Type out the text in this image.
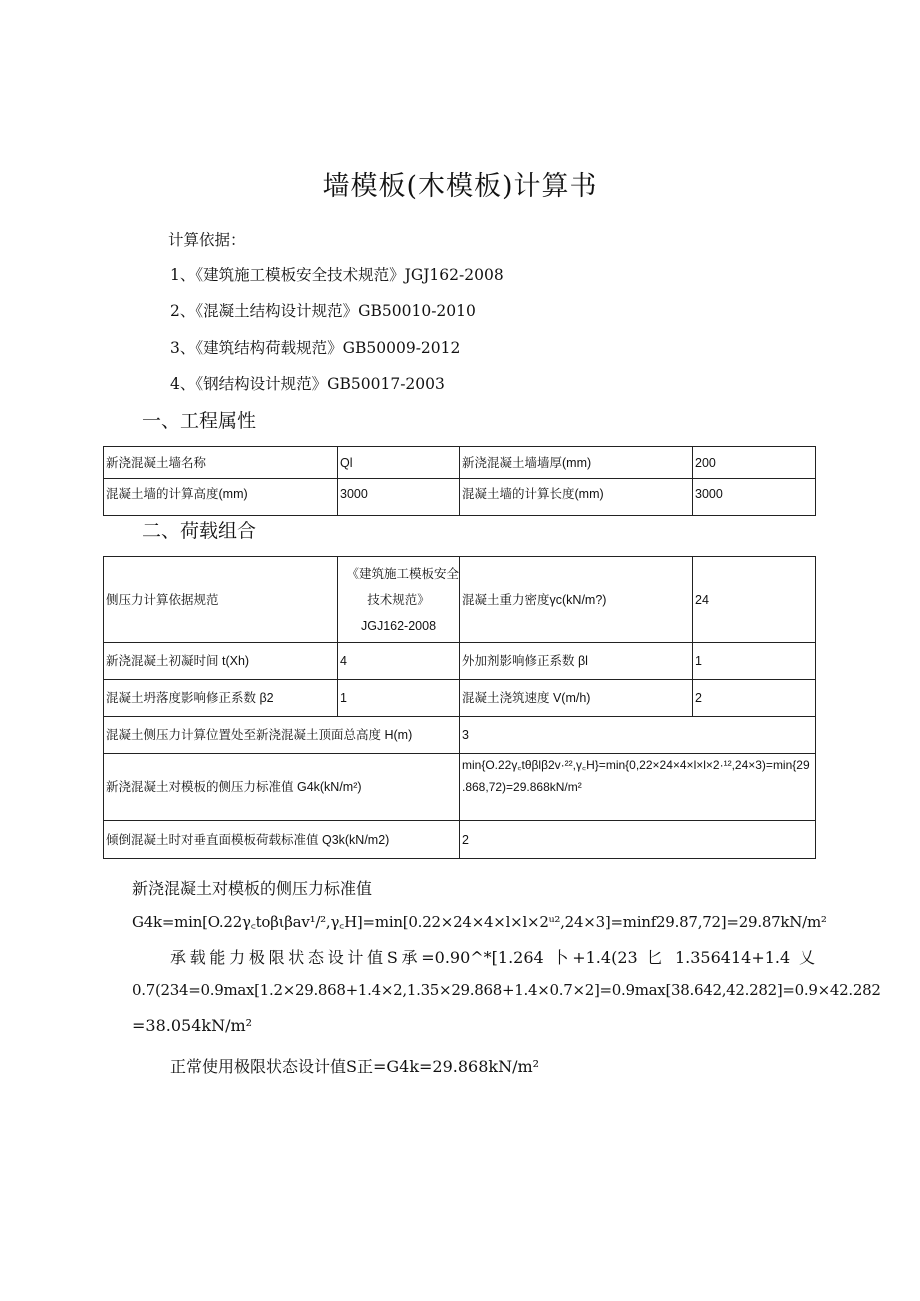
墙模板(木模板)计算书
计算依据：
1、《建筑施工模板安全技术规范》JGJ162-2008
2、《混凝土结构设计规范》GB50010-2010
3、《建筑结构荷载规范》GB50009-2012
4、《钢结构设计规范》GB50017-2003
一、工程属性
新浇混凝土墙名称	Ql	新浇混凝土墙墙厚(mm)	200
混凝土墙的计算高度(mm)	3000	混凝土墙的计算长度(mm)	3000
二、荷载组合
侧压力计算依据规范	《建筑施工模板安全
技术规范》
JGJ162-2008	混凝土重力密度γc(kN/m?)	24
新浇混凝土初凝时间 t(Xh)	4	外加剂影响修正系数 βl	1
混凝土坍落度影响修正系数 β2	1	混凝土浇筑速度 V(m/h)	2
混凝土侧压力计算位置处至新浇混凝土顶面总高度 H(m)		3	
新浇混凝土对模板的侧压力标准值 G4k(kN/m²)		min{O.22γ꜀tθβlβ2v·²²,γ꜀H}=min{0,22×24×4×l×l×2·¹²,24×3)=min{29
.868,72)=29.868kN/m²	

倾倒混凝土时对垂直面模板荷载标准值 Q3k(kN/m2)		2	
新浇混凝土对模板的侧压力标准值
G4k=min[O.22γ꜀toβιβav¹/²,γ꜀H]=min[0.22×24×4×l×l×2ᵘ²,24×3]=minf29.87,72]=29.87kN/m²
承载能力极限状态设计值S承=0.90^*[1.264 卜+1.4(23 匕 1.356414+1.4 乂
0.7(234=0.9max[1.2×29.868+1.4×2,1.35×29.868+1.4×0.7×2]=0.9max[38.642,42.282]=0.9×42.282
=38.054kN/m²
正常使用极限状态设计值S正=G4k=29.868kN/m²
